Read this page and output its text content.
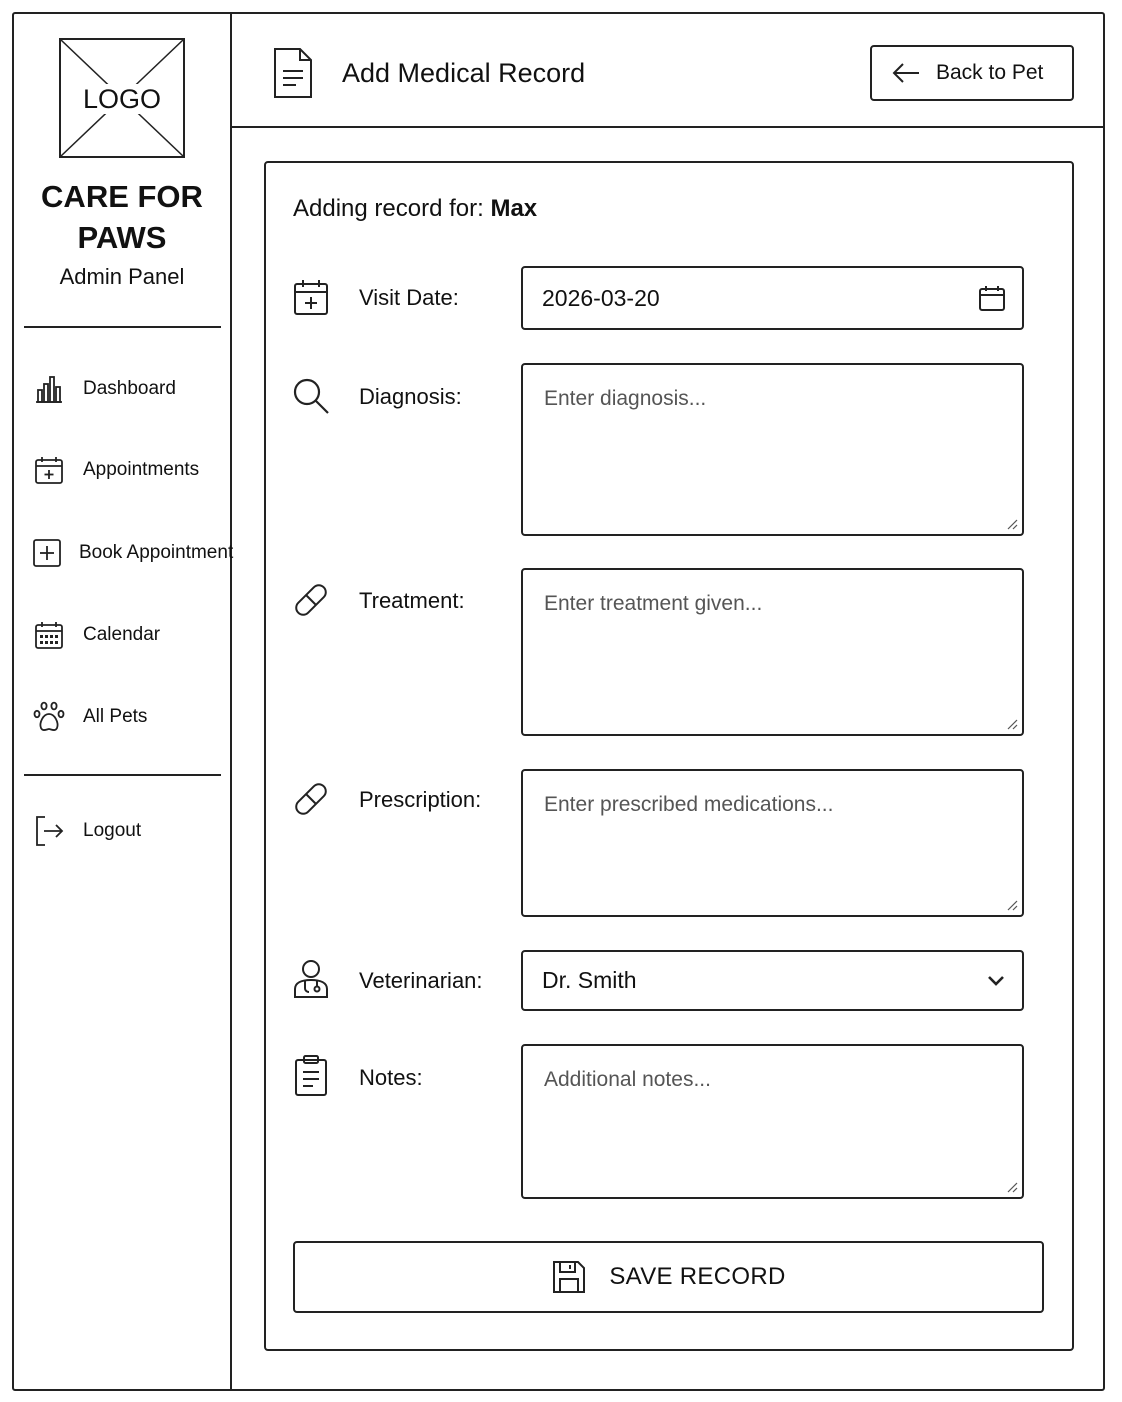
LOGO
CARE FOR
PAWS
Admin Panel
Dashboard
Appointments
Book Appointment
Calendar
All Pets
Logout
Add Medical Record	Back to Pet
Adding record for: Max
Visit Date:	2026-03-20
Diagnosis:
Enter diagnosis...
Treatment:
Enter treatment given...
Prescription:
Enter prescribed medications...
Veterinarian:	Dr. Smith
Notes:
Additional notes...
SAVE RECORD
